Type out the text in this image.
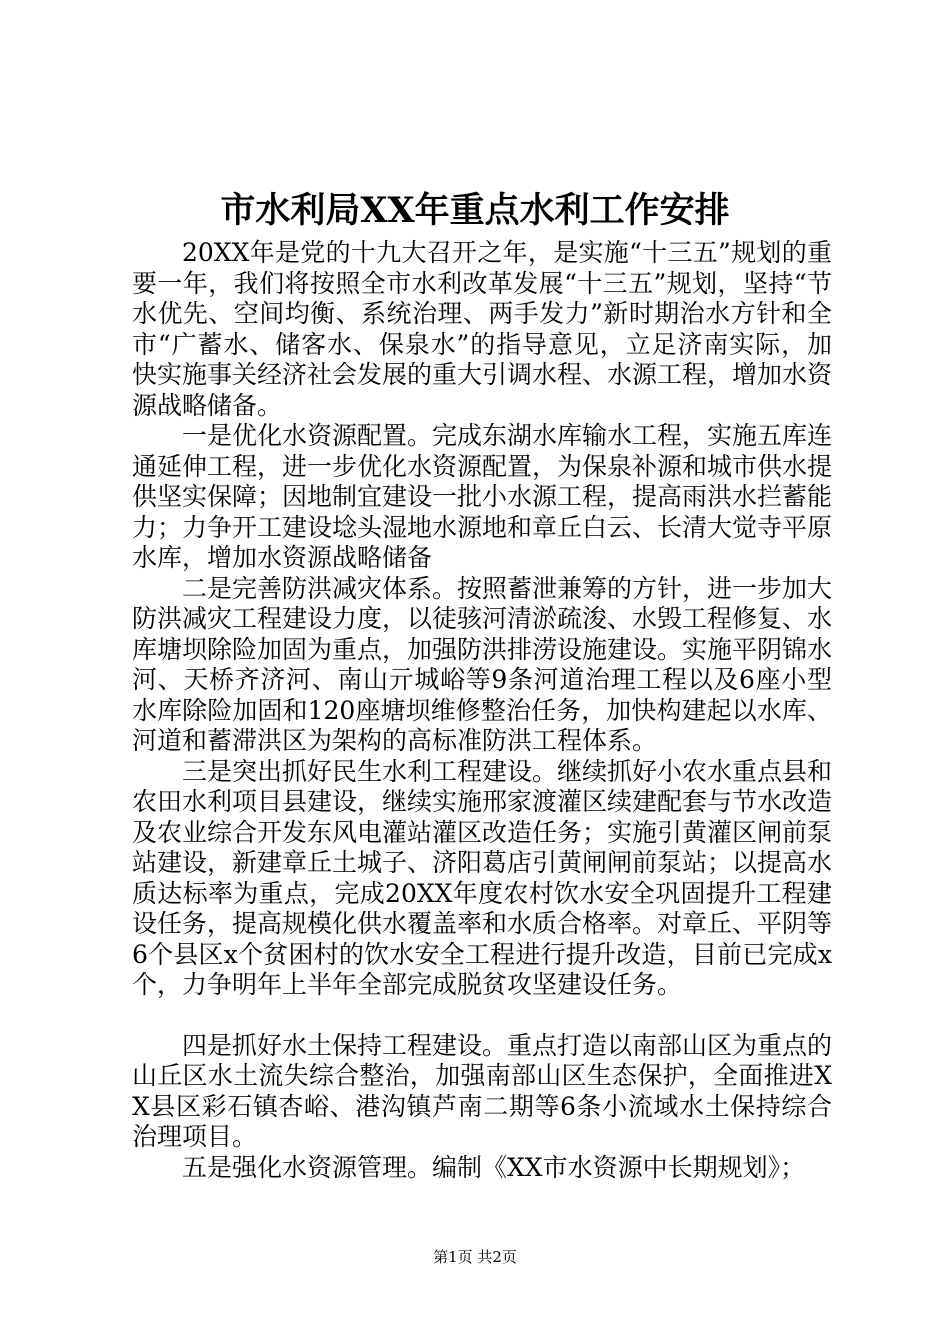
市水利局XX年重点水利工作安排

20XX年是党的十九大召开之年，是实施“十三五”规划的重要一年，我们将按照全市水利改革发展“十三五”规划，坚持“节水优先、空间均衡、系统治理、两手发力”新时期治水方针和全市“广蓄水、储客水、保泉水”的指导意见，立足济南实际，加快实施事关经济社会发展的重大引调水程、水源工程，增加水资源战略储备。

一是优化水资源配置。完成东湖水库输水工程，实施五库连通延伸工程，进一步优化水资源配置，为保泉补源和城市供水提供坚实保障；因地制宜建设一批小水源工程，提高雨洪水拦蓄能力；力争开工建设埝头湿地水源地和章丘白云、长清大觉寺平原水库，增加水资源战略储备

二是完善防洪减灾体系。按照蓄泄兼筹的方针，进一步加大防洪减灾工程建设力度，以徒骇河清淤疏浚、水毁工程修复、水库塘坝除险加固为重点，加强防洪排涝设施建设。实施平阴锦水河、天桥齐济河、南山亓城峪等9条河道治理工程以及6座小型水库除险加固和120座塘坝维修整治任务，加快构建起以水库、河道和蓄滞洪区为架构的高标准防洪工程体系。

三是突出抓好民生水利工程建设。继续抓好小农水重点县和农田水利项目县建设，继续实施邢家渡灌区续建配套与节水改造及农业综合开发东风电灌站灌区改造任务；实施引黄灌区闸前泵站建设，新建章丘土城子、济阳葛店引黄闸闸前泵站；以提高水质达标率为重点，完成20XX年度农村饮水安全巩固提升工程建设任务，提高规模化供水覆盖率和水质合格率。对章丘、平阴等6个县区x个贫困村的饮水安全工程进行提升改造，目前已完成x个，力争明年上半年全部完成脱贫攻坚建设任务。

四是抓好水土保持工程建设。重点打造以南部山区为重点的山丘区水土流失综合整治，加强南部山区生态保护，全面推进XX县区彩石镇杏峪、港沟镇芦南二期等6条小流域水土保持综合治理项目。

五是强化水资源管理。编制《XX市水资源中长期规划》；

第1页 共2页
